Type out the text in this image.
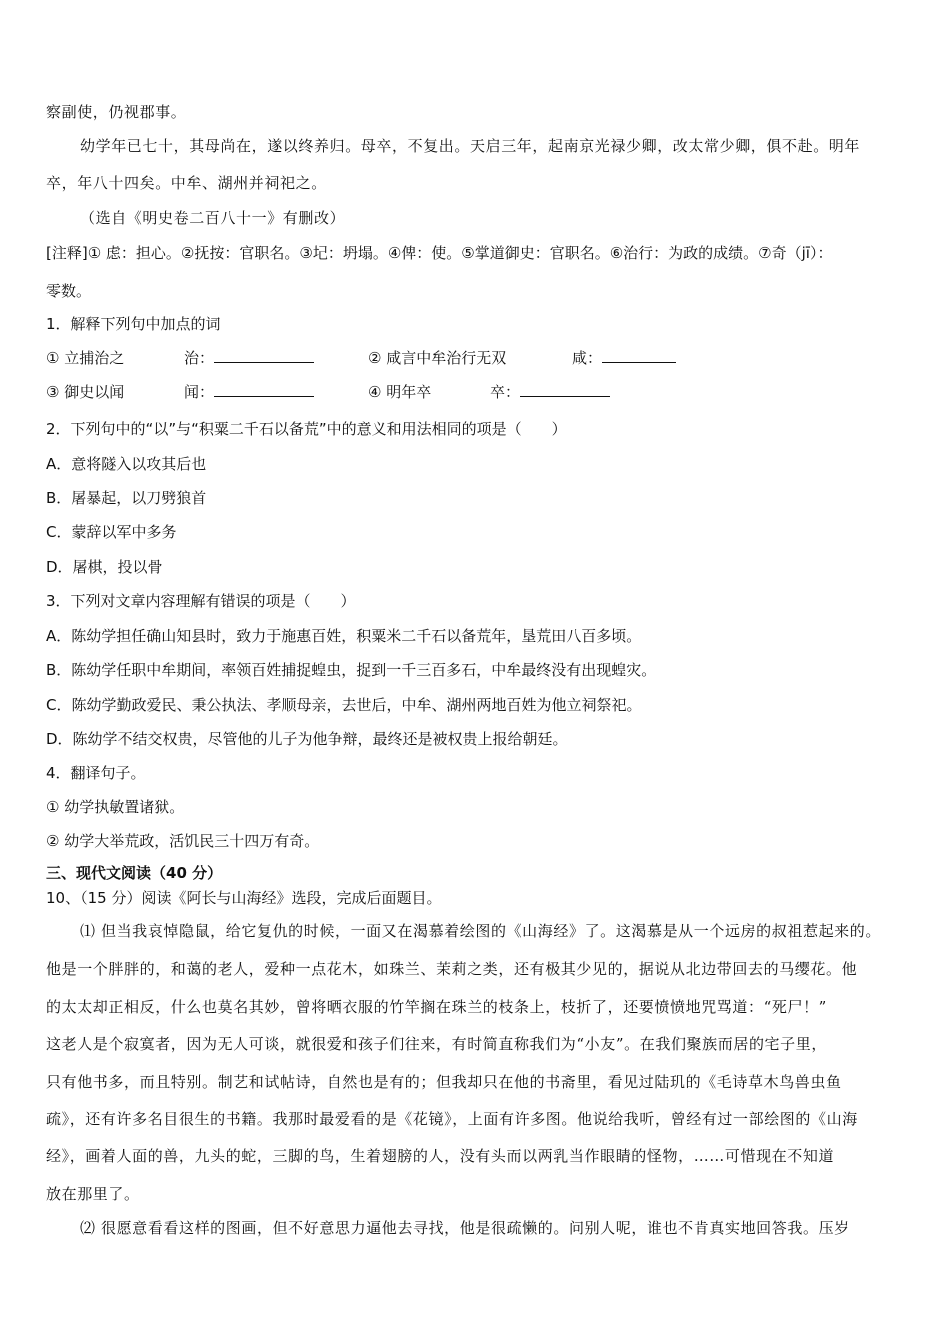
察副使，仍视郡事。
幼学年已七十，其母尚在，遂以终养归。母卒，不复出。天启三年，起南京光禄少卿，改太常少卿，俱不赴。明年
卒，年八十四矣。中牟、湖州并祠祀之。
（选自《明史卷二百八十一》有删改）
[注释]① 虑：担心。②抚按：官职名。③圮：坍塌。④俾：使。⑤掌道御史：官职名。⑥治行：为政的成绩。⑦奇（jī）：
零数。
1．解释下列句中加点的词
① 立捕治之	治：	② 咸言中牟治行无双	咸：
③ 御史以闻	闻：	④ 明年卒	卒：
2．下列句中的“以”与“积粟二千石以备荒”中的意义和用法相同的项是（　　）
A．意将隧入以攻其后也
B．屠暴起，以刀劈狼首
C．蒙辞以军中多务
D．屠棋，投以骨
3．下列对文章内容理解有错误的项是（　　）
A．陈幼学担任确山知县时，致力于施惠百姓，积粟米二千石以备荒年，垦荒田八百多顷。
B．陈幼学任职中牟期间，率领百姓捕捉蝗虫，捉到一千三百多石，中牟最终没有出现蝗灾。
C．陈幼学勤政爱民、秉公执法、孝顺母亲，去世后，中牟、湖州两地百姓为他立祠祭祀。
D．陈幼学不结交权贵，尽管他的儿子为他争辩，最终还是被权贵上报给朝廷。
4．翻译句子。
① 幼学执敏置诸狱。
② 幼学大举荒政，活饥民三十四万有奇。
三、现代文阅读（40 分）
10、（15 分）阅读《阿长与山海经》选段，完成后面题目。
⑴ 但当我哀悼隐鼠，给它复仇的时候，一面又在渴慕着绘图的《山海经》了。这渴慕是从一个远房的叔祖惹起来的。
他是一个胖胖的，和蔼的老人，爱种一点花木，如珠兰、茉莉之类，还有极其少见的，据说从北边带回去的马缨花。他
的太太却正相反，什么也莫名其妙，曾将晒衣服的竹竿搁在珠兰的枝条上，枝折了，还要愤愤地咒骂道：“死尸！”
这老人是个寂寞者，因为无人可谈，就很爱和孩子们往来，有时简直称我们为“小友”。在我们聚族而居的宅子里，
只有他书多，而且特别。制艺和试帖诗，自然也是有的；但我却只在他的书斋里，看见过陆玑的《毛诗草木鸟兽虫鱼
疏》，还有许多名目很生的书籍。我那时最爱看的是《花镜》，上面有许多图。他说给我听，曾经有过一部绘图的《山海
经》，画着人面的兽，九头的蛇，三脚的鸟，生着翅膀的人，没有头而以两乳当作眼睛的怪物，……可惜现在不知道
放在那里了。
⑵ 很愿意看看这样的图画，但不好意思力逼他去寻找，他是很疏懒的。问别人呢，谁也不肯真实地回答我。压岁
